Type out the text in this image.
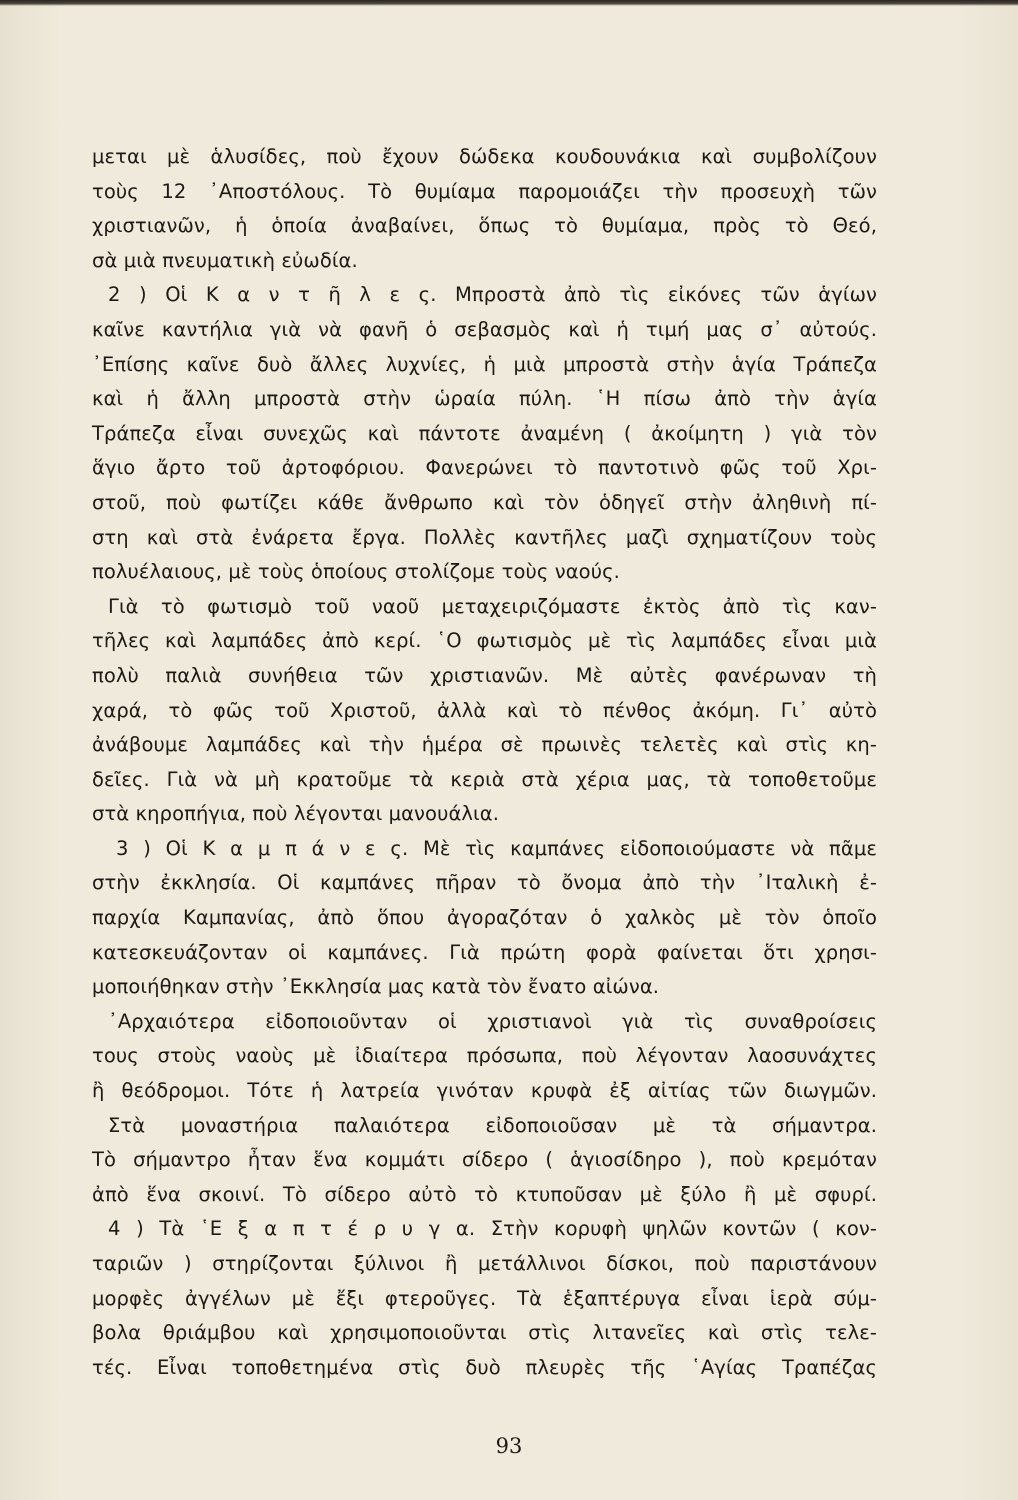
μεται μὲ ἁλυσίδες, ποὺ ἔχουν δώδεκα κουδουνάκια καὶ συμβολίζουν
τοὺς 12 ᾿Αποστόλους. Τὸ θυμίαμα παρομοιάζει τὴν προσευχὴ τῶν
χριστιανῶν, ἡ ὁποία ἀναβαίνει, ὅπως τὸ θυμίαμα, πρὸς τὸ Θεό,
σὰ μιὰ πνευματικὴ εὐωδία.
2 ) Οἱ Κ α ν τ ῆ λ ε ς. Μπροστὰ ἀπὸ τὶς εἰκόνες τῶν ἁγίων
καῖνε καντήλια γιὰ νὰ φανῆ ὁ σεβασμὸς καὶ ἡ τιμή μας σ᾿ αὐτούς.
᾿Επίσης καῖνε δυὸ ἄλλες λυχνίες, ἡ μιὰ μπροστὰ στὴν ἁγία Τράπεζα
καὶ ἡ ἄλλη μπροστὰ στὴν ὡραία πύλη. ῾Η πίσω ἀπὸ τὴν ἁγία
Τράπεζα εἶναι συνεχῶς καὶ πάντοτε ἀναμένη ( ἀκοίμητη ) γιὰ τὸν
ἅγιο ἄρτο τοῦ ἀρτοφόριου. Φανερώνει τὸ παντοτινὸ φῶς τοῦ Χρι-
στοῦ, ποὺ φωτίζει κάθε ἄνθρωπο καὶ τὸν ὁδηγεῖ στὴν ἀληθινὴ πί-
στη καὶ στὰ ἐνάρετα ἔργα. Πολλὲς καντῆλες μαζὶ σχηματίζουν τοὺς
πολυέλαιους, μὲ τοὺς ὁποίους στολίζομε τοὺς ναούς.
Γιὰ τὸ φωτισμὸ τοῦ ναοῦ μεταχειριζόμαστε ἐκτὸς ἀπὸ τὶς καν-
τῆλες καὶ λαμπάδες ἀπὸ κερί. ῾Ο φωτισμὸς μὲ τὶς λαμπάδες εἶναι μιὰ
πολὺ παλιὰ συνήθεια τῶν χριστιανῶν. Μὲ αὐτὲς φανέρωναν τὴ
χαρά, τὸ φῶς τοῦ Χριστοῦ, ἀλλὰ καὶ τὸ πένθος ἀκόμη. Γι᾿ αὐτὸ
ἀνάβουμε λαμπάδες καὶ τὴν ἡμέρα σὲ πρωινὲς τελετὲς καὶ στὶς κη-
δεῖες. Γιὰ νὰ μὴ κρατοῦμε τὰ κεριὰ στὰ χέρια μας, τὰ τοποθετοῦμε
στὰ κηροπήγια, ποὺ λέγονται μανουάλια.
3 ) Οἱ Κ α μ π ά ν ε ς. Μὲ τὶς καμπάνες εἰδοποιούμαστε νὰ πᾶμε
στὴν ἐκκλησία. Οἱ καμπάνες πῆραν τὸ ὄνομα ἀπὸ τὴν ᾿Ιταλικὴ ἐ-
παρχία Καμπανίας, ἀπὸ ὅπου ἀγοραζόταν ὁ χαλκὸς μὲ τὸν ὁποῖο
κατεσκευάζονταν οἱ καμπάνες. Γιὰ πρώτη φορὰ φαίνεται ὅτι χρησι-
μοποιήθηκαν στὴν ᾿Εκκλησία μας κατὰ τὸν ἔνατο αἰώνα.
᾿Αρχαιότερα εἰδοποιοῦνταν οἱ χριστιανοὶ γιὰ τὶς συναθροίσεις
τους στοὺς ναοὺς μὲ ἰδιαίτερα πρόσωπα, ποὺ λέγονταν λαοσυνάχτες
ἢ θεόδρομοι. Τότε ἡ λατρεία γινόταν κρυφὰ ἐξ αἰτίας τῶν διωγμῶν.
Στὰ μοναστήρια παλαιότερα εἰδοποιοῦσαν μὲ τὰ σήμαντρα.
Τὸ σήμαντρο ἦταν ἕνα κομμάτι σίδερο ( ἁγιοσίδηρο ), ποὺ κρεμόταν
ἀπὸ ἕνα σκοινί. Τὸ σίδερο αὐτὸ τὸ κτυποῦσαν μὲ ξύλο ἢ μὲ σφυρί.
4 ) Τὰ ῾Ε ξ α π τ έ ρ υ γ α. Στὴν κορυφὴ ψηλῶν κοντῶν ( κον-
ταριῶν ) στηρίζονται ξύλινοι ἢ μετάλλινοι δίσκοι, ποὺ παριστάνουν
μορφὲς ἀγγέλων μὲ ἔξι φτεροῦγες. Τὰ ἑξαπτέρυγα εἶναι ἱερὰ σύμ-
βολα θριάμβου καὶ χρησιμοποιοῦνται στὶς λιτανεῖες καὶ στὶς τελε-
τές. Εἶναι τοποθετημένα στὶς δυὸ πλευρὲς τῆς ῾Αγίας Τραπέζας
93
